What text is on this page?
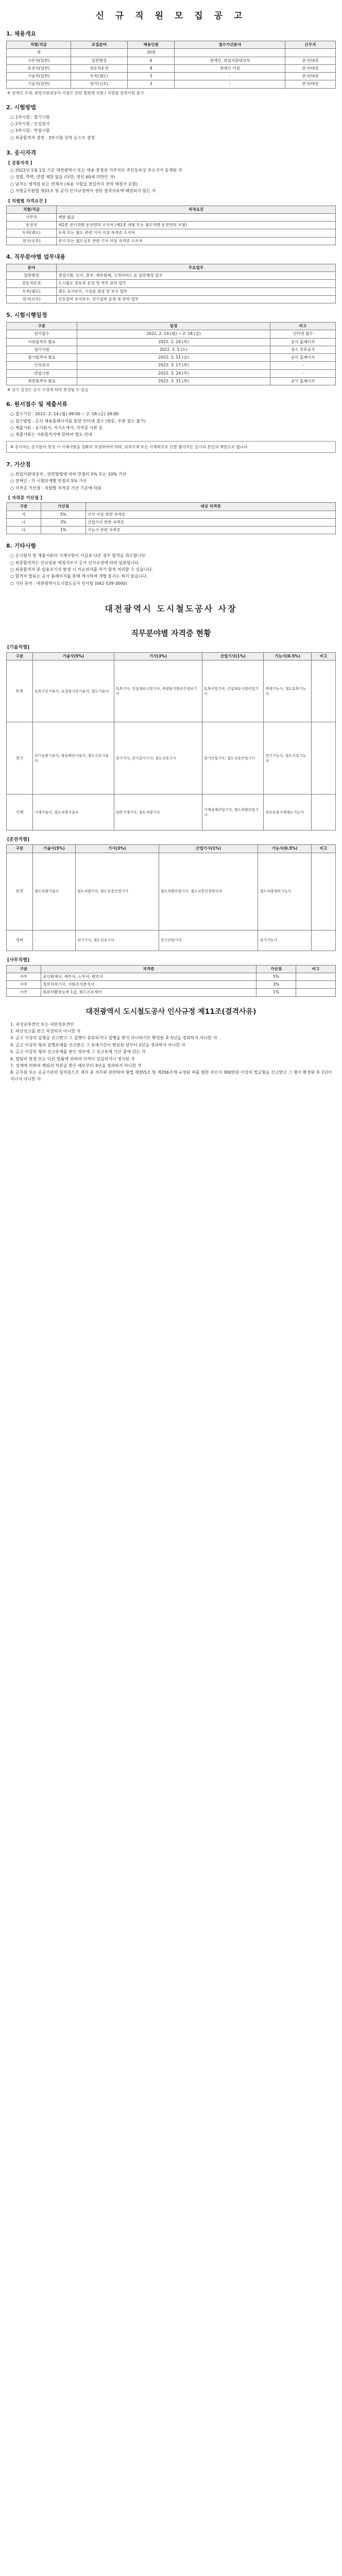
신 규 직 원 모 집 공 고
1. 채용개요
직렬/직급	모집분야	채용인원	접수가산분야	근무지
계		20명		
사무직(일반)	일반행정	6	장애인, 취업지원대상자	본사/대전
운전직(일반)	전동차운전	8	장애인 가점	본사/대전
기술직(일반)	토목(궤도)	3	-	본사/대전
기술직(일반)	전기(신호)	3	-	본사/대전
※ 장애인 우대, 취업지원대상자 가점은 관련 법령에 의함 / 직렬별 중복지원 불가
2. 시험방법
○ 1차시험 : 필기시험
○ 2차시험 : 인성검사
○ 3차시험 : 면접시험
○ 최종합격자 결정 : 3차시험 성적 순으로 결정
3. 응시자격
[ 공통자격 ]
○ 2022년 1월 1일 기준 대전광역시 또는 세종·충청권 거주자로 주민등록상 주소지가 등재된 자
○ 성별, 학력, 연령 제한 없음 (다만, 정년 60세 미만인 자)
○ 남자는 병역필 또는 면제자 (최종 시험일 전일까지 전역 예정자 포함)
○ 지방공무원법 제31조 및 공사 인사규정에서 정한 결격사유에 해당되지 않는 자
[ 직렬별 자격요건 ]
직렬/직급	자격요건
사무직	제한 없음
운전직	제2종 전기차량 운전면허 소지자 (제1종 대형 또는 철도차량 운전면허 포함)
토목(궤도)	토목 또는 철도 관련 기사 이상 자격증 소지자
전기(신호)	전기 또는 철도신호 관련 기사 이상 자격증 소지자
4. 직무분야별 업무내용
분야	주요업무
일반행정	경영기획, 인사, 총무, 재무회계, 고객서비스 등 일반행정 업무
전동차운전	도시철도 전동차 운전 및 역무 관리 업무
토목(궤도)	궤도 유지보수, 시설물 점검 및 보수 업무
전기(신호)	신호설비 유지보수, 전기설비 운영 및 관리 업무
5. 시험시행일정
구분	일정	비고
원서접수	2022. 2. 14.(월) ~ 2. 18.(금)	인터넷 접수
서류합격자 발표	2022. 2. 24.(목)	공사 홈페이지
필기시험	2022. 3. 5.(토)	장소 추후공지
필기합격자 발표	2022. 3. 11.(금)	공사 홈페이지
인성검사	2022. 3. 17.(목)	-
면접시험	2022. 3. 24.(목)	-
최종합격자 발표	2022. 3. 31.(목)	공사 홈페이지
※ 상기 일정은 공사 사정에 따라 변경될 수 있음
6. 원서접수 및 제출서류
○ 접수기간 : 2022. 2. 14.(월) 09:00 ~ 2. 18.(금) 18:00
○ 접수방법 : 공사 채용홈페이지를 통한 인터넷 접수 (방문, 우편 접수 불가)
○ 제출서류 : 응시원서, 자기소개서, 자격증 사본 등
○ 제출서류는 서류합격자에 한하여 별도 안내
※ 응시자는 응시원서 작성 시 기재사항을 정확히 작성하여야 하며, 허위기재 또는 기재착오로 인한 불이익은 응시자 본인의 책임으로 합니다.
7. 가산점
○ 취업지원대상자 : 관련법령에 따라 만점의 5% 또는 10% 가산
○ 장애인 : 각 시험단계별 만점의 5% 가산
○ 자격증 가산점 : 직렬별 자격증 가산 기준에 따름
[ 자격증 가산점 ]
구분	가산점	대상 자격증
가	5%	기사 이상 관련 자격증
나	3%	산업기사 관련 자격증
다	1%	기능사 관련 자격증
8. 기타사항
○ 응시원서 및 제출서류의 기재사항이 사실과 다른 경우 합격을 취소합니다.
○ 최종합격자는 신규임용 예정자로서 공사 인사규정에 따라 임용됩니다.
○ 최종합격자 중 임용포기자 발생 시 차순위자를 추가 합격 처리할 수 있습니다.
○ 합격자 발표는 공사 홈페이지를 통해 게시하며 개별 통지는 하지 않습니다.
○ 기타 문의 : 대전광역시도시철도공사 인사팀 (042-539-3000)
대전광역시 도시철도공사 사장
직무분야별 자격증 현황
[기술직렬]
구분	기술사(5%)	기사(3%)	산업기사(1%)	기능사(0.5%)	비고
토목	토목시공기술사, 토질및기초기술사, 철도기술사	토목기사, 건설재료시험기사, 측량및지형공간정보기사	토목산업기사, 건설재료시험산업기사	측량기능사, 철도토목기능사	
전기	전기응용기술사, 발송배전기술사, 철도신호기술사	전기기사, 전기공사기사, 철도신호기사	전기산업기사, 철도신호산업기사	전기기능사, 철도신호기능사	
기계	기계기술사, 철도차량기술사	일반기계기사, 철도차량기사	기계설계산업기사, 철도차량산업기사	전산응용기계제도기능사	
[운전직렬]
구분	기술사(5%)	기사(3%)	산업기사(1%)	기능사(0.5%)	비고
운전	철도차량기술사	철도차량기사, 철도운송산업기사	철도차량산업기사, 철도교통안전관리자	철도차량정비기능사	
정비	-	전기기사, 철도신호기사	전기산업기사	전기기능사	
[사무직렬]
구분	자격증	가산점	비고
사무	공인회계사, 세무사, 노무사, 변호사	5%	
사무	정보처리기사, 사회조사분석사	3%	
사무	컴퓨터활용능력 1급, 워드프로세서	1%	
대전광역시 도시철도공사 인사규정 제11조(결격사유)
1. 피성년후견인 또는 피한정후견인
2. 파산선고를 받고 복권되지 아니한 자
3. 금고 이상의 실형을 선고받고 그 집행이 종료되거나 집행을 받지 아니하기로 확정된 후 5년을 경과하지 아니한 자
4. 금고 이상의 형의 집행유예를 선고받고 그 유예기간이 완료된 날부터 2년을 경과하지 아니한 자
5. 금고 이상의 형의 선고유예를 받은 경우에 그 선고유예 기간 중에 있는 자
6. 법원의 판결 또는 다른 법률에 의하여 자격이 상실되거나 정지된 자
7. 징계에 의하여 해임의 처분을 받은 때로부터 3년을 경과하지 아니한 자
8. 공무원 또는 공공기관의 임직원으로 재직 중 직무와 관련하여 형법 제355조 및 제356조에 규정된 죄를 범한 자로서 300만원 이상의 벌금형을 선고받고 그 형이 확정된 후 2년이 지나지 아니한 자
